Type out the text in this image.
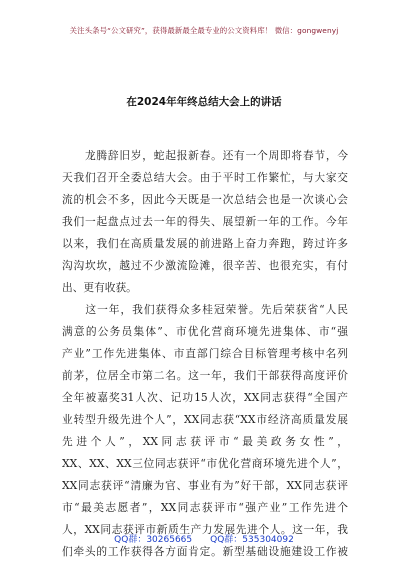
关注头条号“公文研究”，获得最新最全最专业的公文资料库！ 微信：gongwenyj
在2024年年终总结大会上的讲话
　　龙腾辞旧岁，蛇起报新春。还有一个周即将春节，今
天我们召开全委总结大会。由于平时工作繁忙，与大家交
流的机会不多，因此今天既是一次总结会也是一次谈心会
我们一起盘点过去一年的得失、展望新一年的工作。今年
以来，我们在高质量发展的前进路上奋力奔跑，跨过许多
沟沟坎坎，越过不少激流险滩，很辛苦、也很充实，有付
出、更有收获。
　　这一年，我们获得众多桂冠荣誉。先后荣获省“人民
满意的公务员集体”、市优化营商环境先进集体、市“强
产业”工作先进集体、市直部门综合目标管理考核中名列
前茅，位居全市第二名。这一年，我们干部获得高度评价
全年被嘉奖31人次、记功15人次，XX同志获得“全国产
业转型升级先进个人”，XX同志获“XX市经济高质量发展
先进个人”，XX同志获评市“最美政务女性”，
XX、XX、XX三位同志获评“市优化营商环境先进个人”，
XX同志获评“清廉为官、事业有为”好干部，XX同志获评
市“最美志愿者”，XX同志获评市“强产业”工作先进个
人，XX同志获评市新质生产力发展先进个人。这一年，我
们牵头的工作获得各方面肯定。新型基础设施建设工作被
QQ群：30265665　　QQ群：535304092
